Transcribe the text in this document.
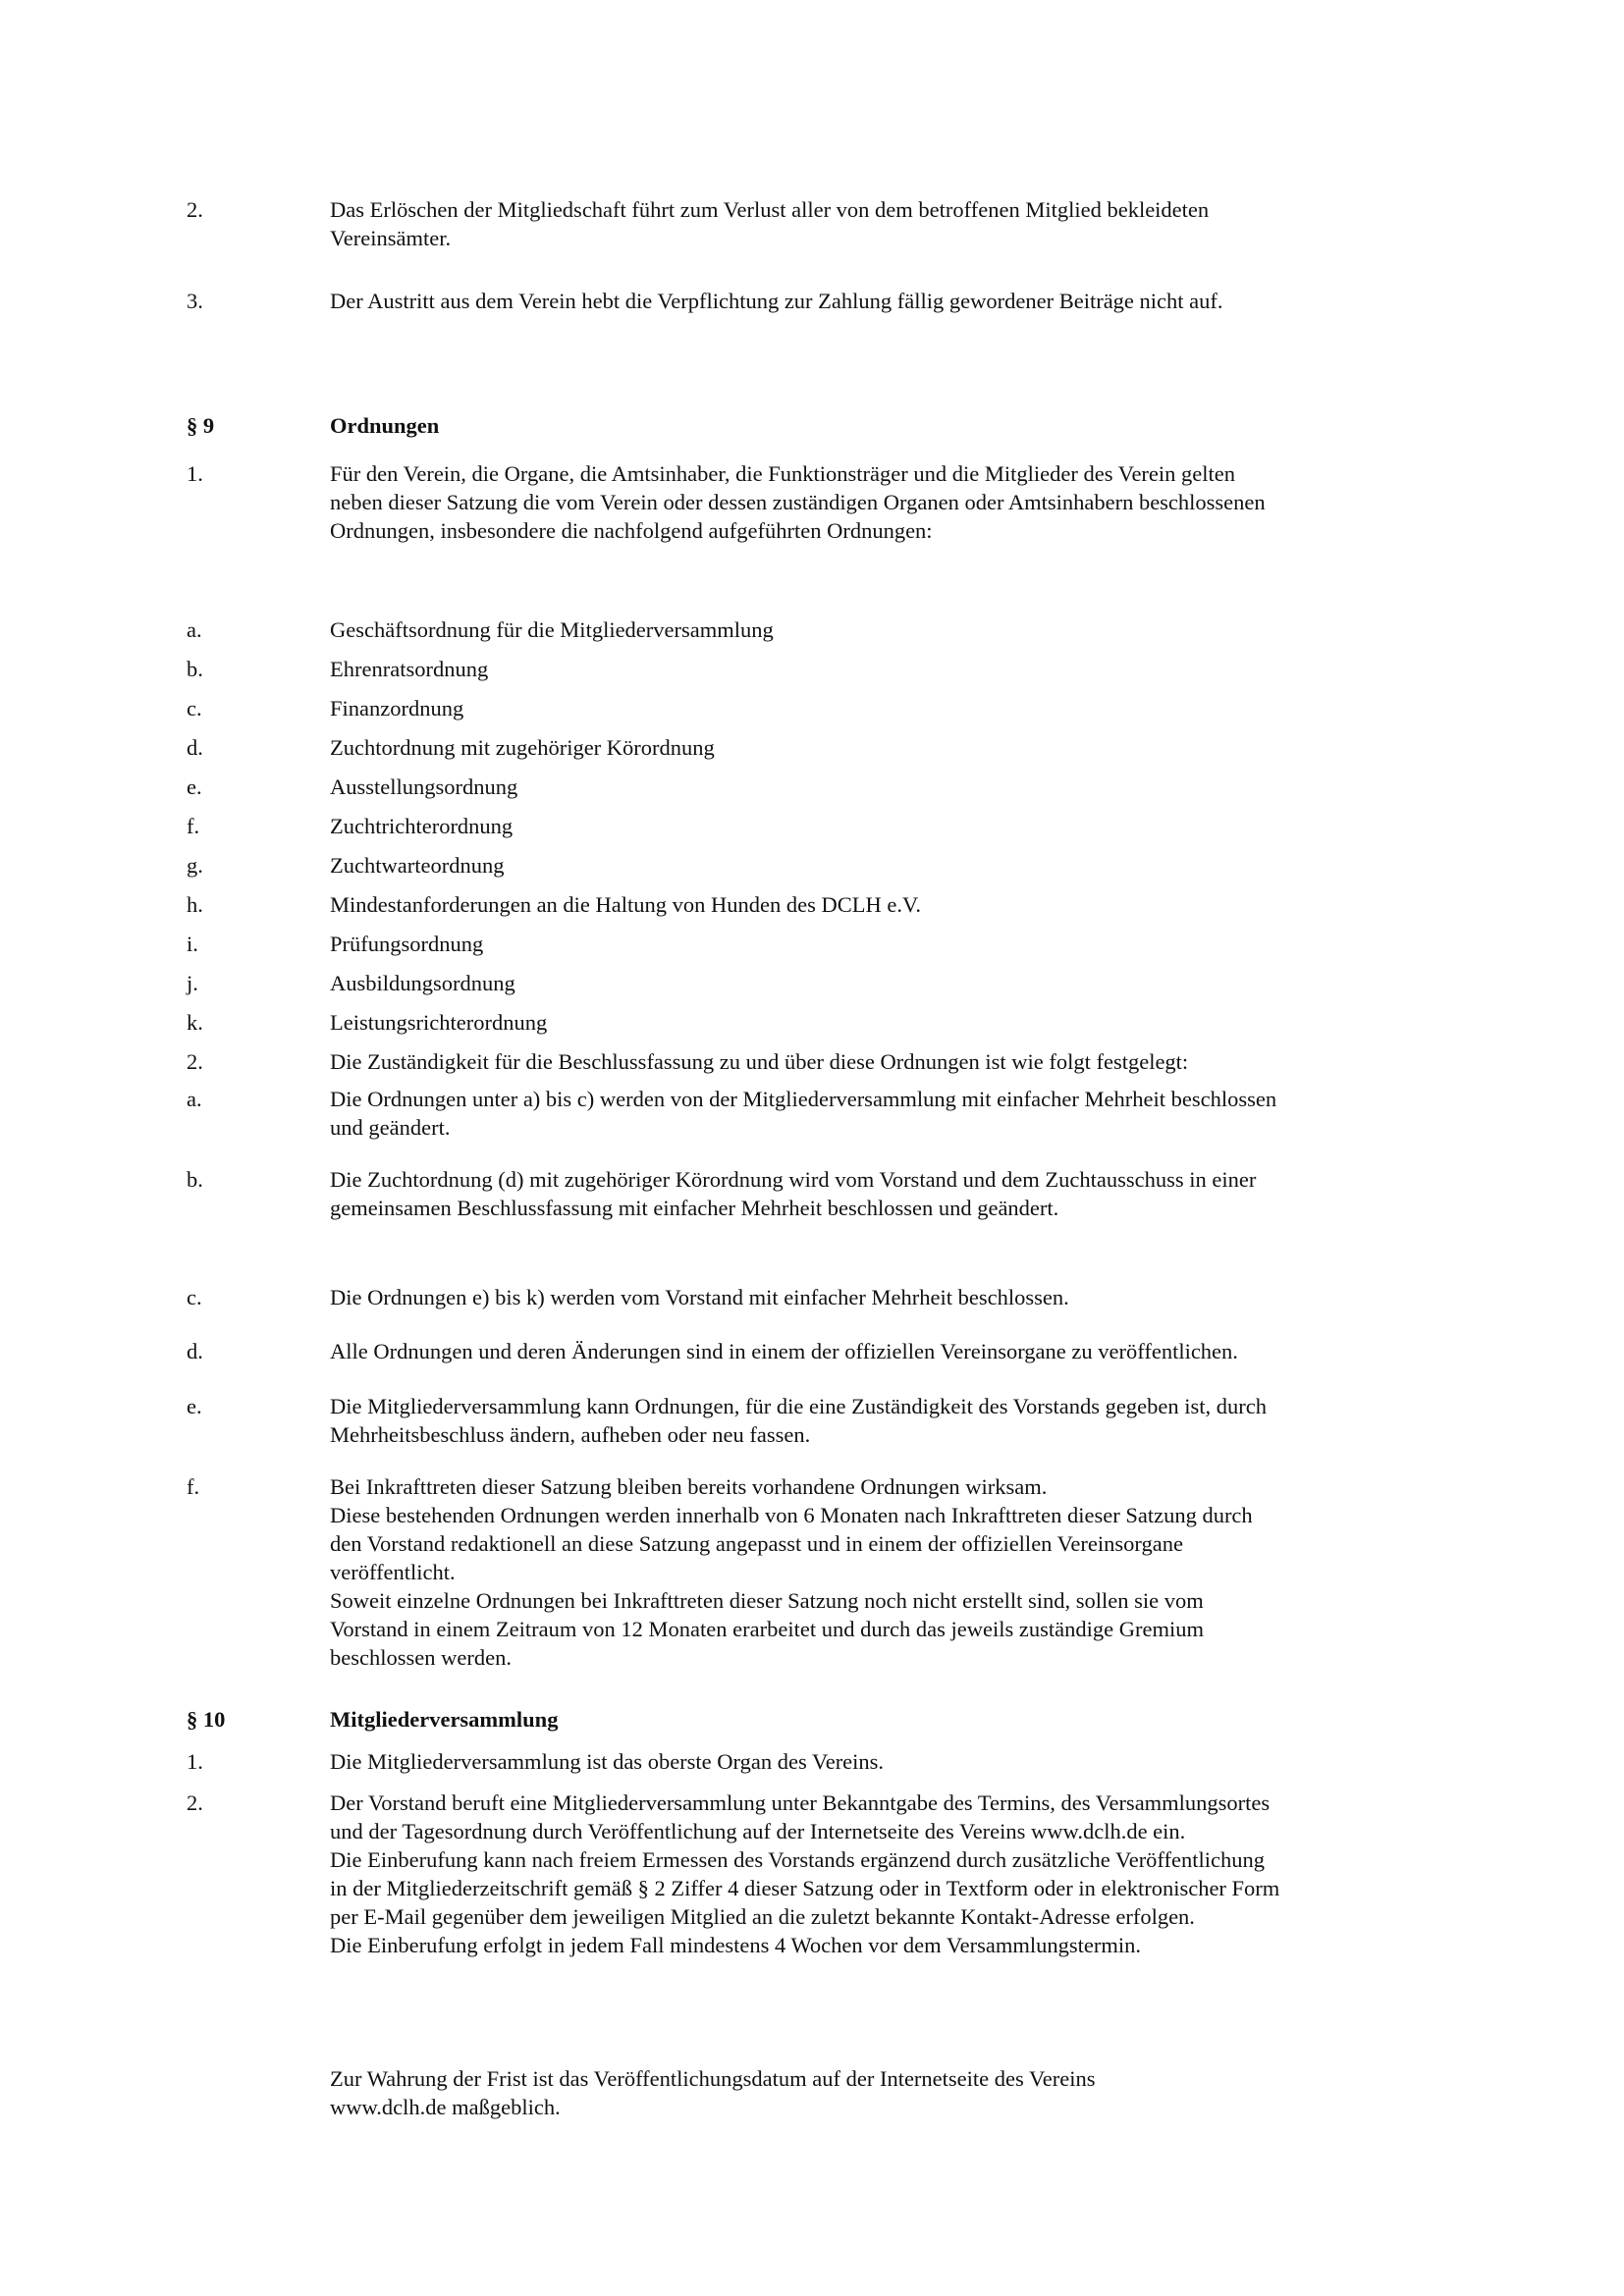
2.	Das Erlöschen der Mitgliedschaft führt zum Verlust aller von dem betroffenen Mitglied bekleideten
Vereinsämter.
3.	Der Austritt aus dem Verein hebt die Verpflichtung zur Zahlung fällig gewordener Beiträge nicht auf.
§ 9	Ordnungen
1.	Für den Verein, die Organe, die Amtsinhaber, die Funktionsträger und die Mitglieder des Verein gelten
neben dieser Satzung die vom Verein oder dessen zuständigen Organen oder Amtsinhabern beschlossenen
Ordnungen, insbesondere die nachfolgend aufgeführten Ordnungen:
a.	Geschäftsordnung für die Mitgliederversammlung
b.	Ehrenratsordnung
c.	Finanzordnung
d.	Zuchtordnung mit zugehöriger Körordnung
e.	Ausstellungsordnung
f.	Zuchtrichterordnung
g.	Zuchtwarteordnung
h.	Mindestanforderungen an die Haltung von Hunden des DCLH e.V.
i.	Prüfungsordnung
j.	Ausbildungsordnung
k.	Leistungsrichterordnung
2.	Die Zuständigkeit für die Beschlussfassung zu und über diese Ordnungen ist wie folgt festgelegt:
a.	Die Ordnungen unter a) bis c) werden von der Mitgliederversammlung mit einfacher Mehrheit beschlossen
und geändert.
b.	Die Zuchtordnung (d) mit zugehöriger Körordnung wird vom Vorstand und dem Zuchtausschuss in einer
gemeinsamen Beschlussfassung mit einfacher Mehrheit beschlossen und geändert.
c.	Die Ordnungen e) bis k) werden vom Vorstand mit einfacher Mehrheit beschlossen.
d.	Alle Ordnungen und deren Änderungen sind in einem der offiziellen Vereinsorgane zu veröffentlichen.
e.	Die Mitgliederversammlung kann Ordnungen, für die eine Zuständigkeit des Vorstands gegeben ist, durch
Mehrheitsbeschluss ändern, aufheben oder neu fassen.
f.	Bei Inkrafttreten dieser Satzung bleiben bereits vorhandene Ordnungen wirksam.
Diese bestehenden Ordnungen werden innerhalb von 6 Monaten nach Inkrafttreten dieser Satzung durch
den Vorstand redaktionell an diese Satzung angepasst und in einem der offiziellen Vereinsorgane
veröffentlicht.
Soweit einzelne Ordnungen bei Inkrafttreten dieser Satzung noch nicht erstellt sind, sollen sie vom
Vorstand in einem Zeitraum von 12 Monaten erarbeitet und durch das jeweils zuständige Gremium
beschlossen werden.
§ 10	Mitgliederversammlung
1.	Die Mitgliederversammlung ist das oberste Organ des Vereins.
2.	Der Vorstand beruft eine Mitgliederversammlung unter Bekanntgabe des Termins, des Versammlungsortes
und der Tagesordnung durch Veröffentlichung auf der Internetseite des Vereins www.dclh.de ein.
Die Einberufung kann nach freiem Ermessen des Vorstands ergänzend durch zusätzliche Veröffentlichung
in der Mitgliederzeitschrift gemäß § 2 Ziffer 4 dieser Satzung oder in Textform oder in elektronischer Form
per E-Mail gegenüber dem jeweiligen Mitglied an die zuletzt bekannte Kontakt-Adresse erfolgen.
Die Einberufung erfolgt in jedem Fall mindestens 4 Wochen vor dem Versammlungstermin.
Zur Wahrung der Frist ist das Veröffentlichungsdatum auf der Internetseite des Vereins
www.dclh.de maßgeblich.
